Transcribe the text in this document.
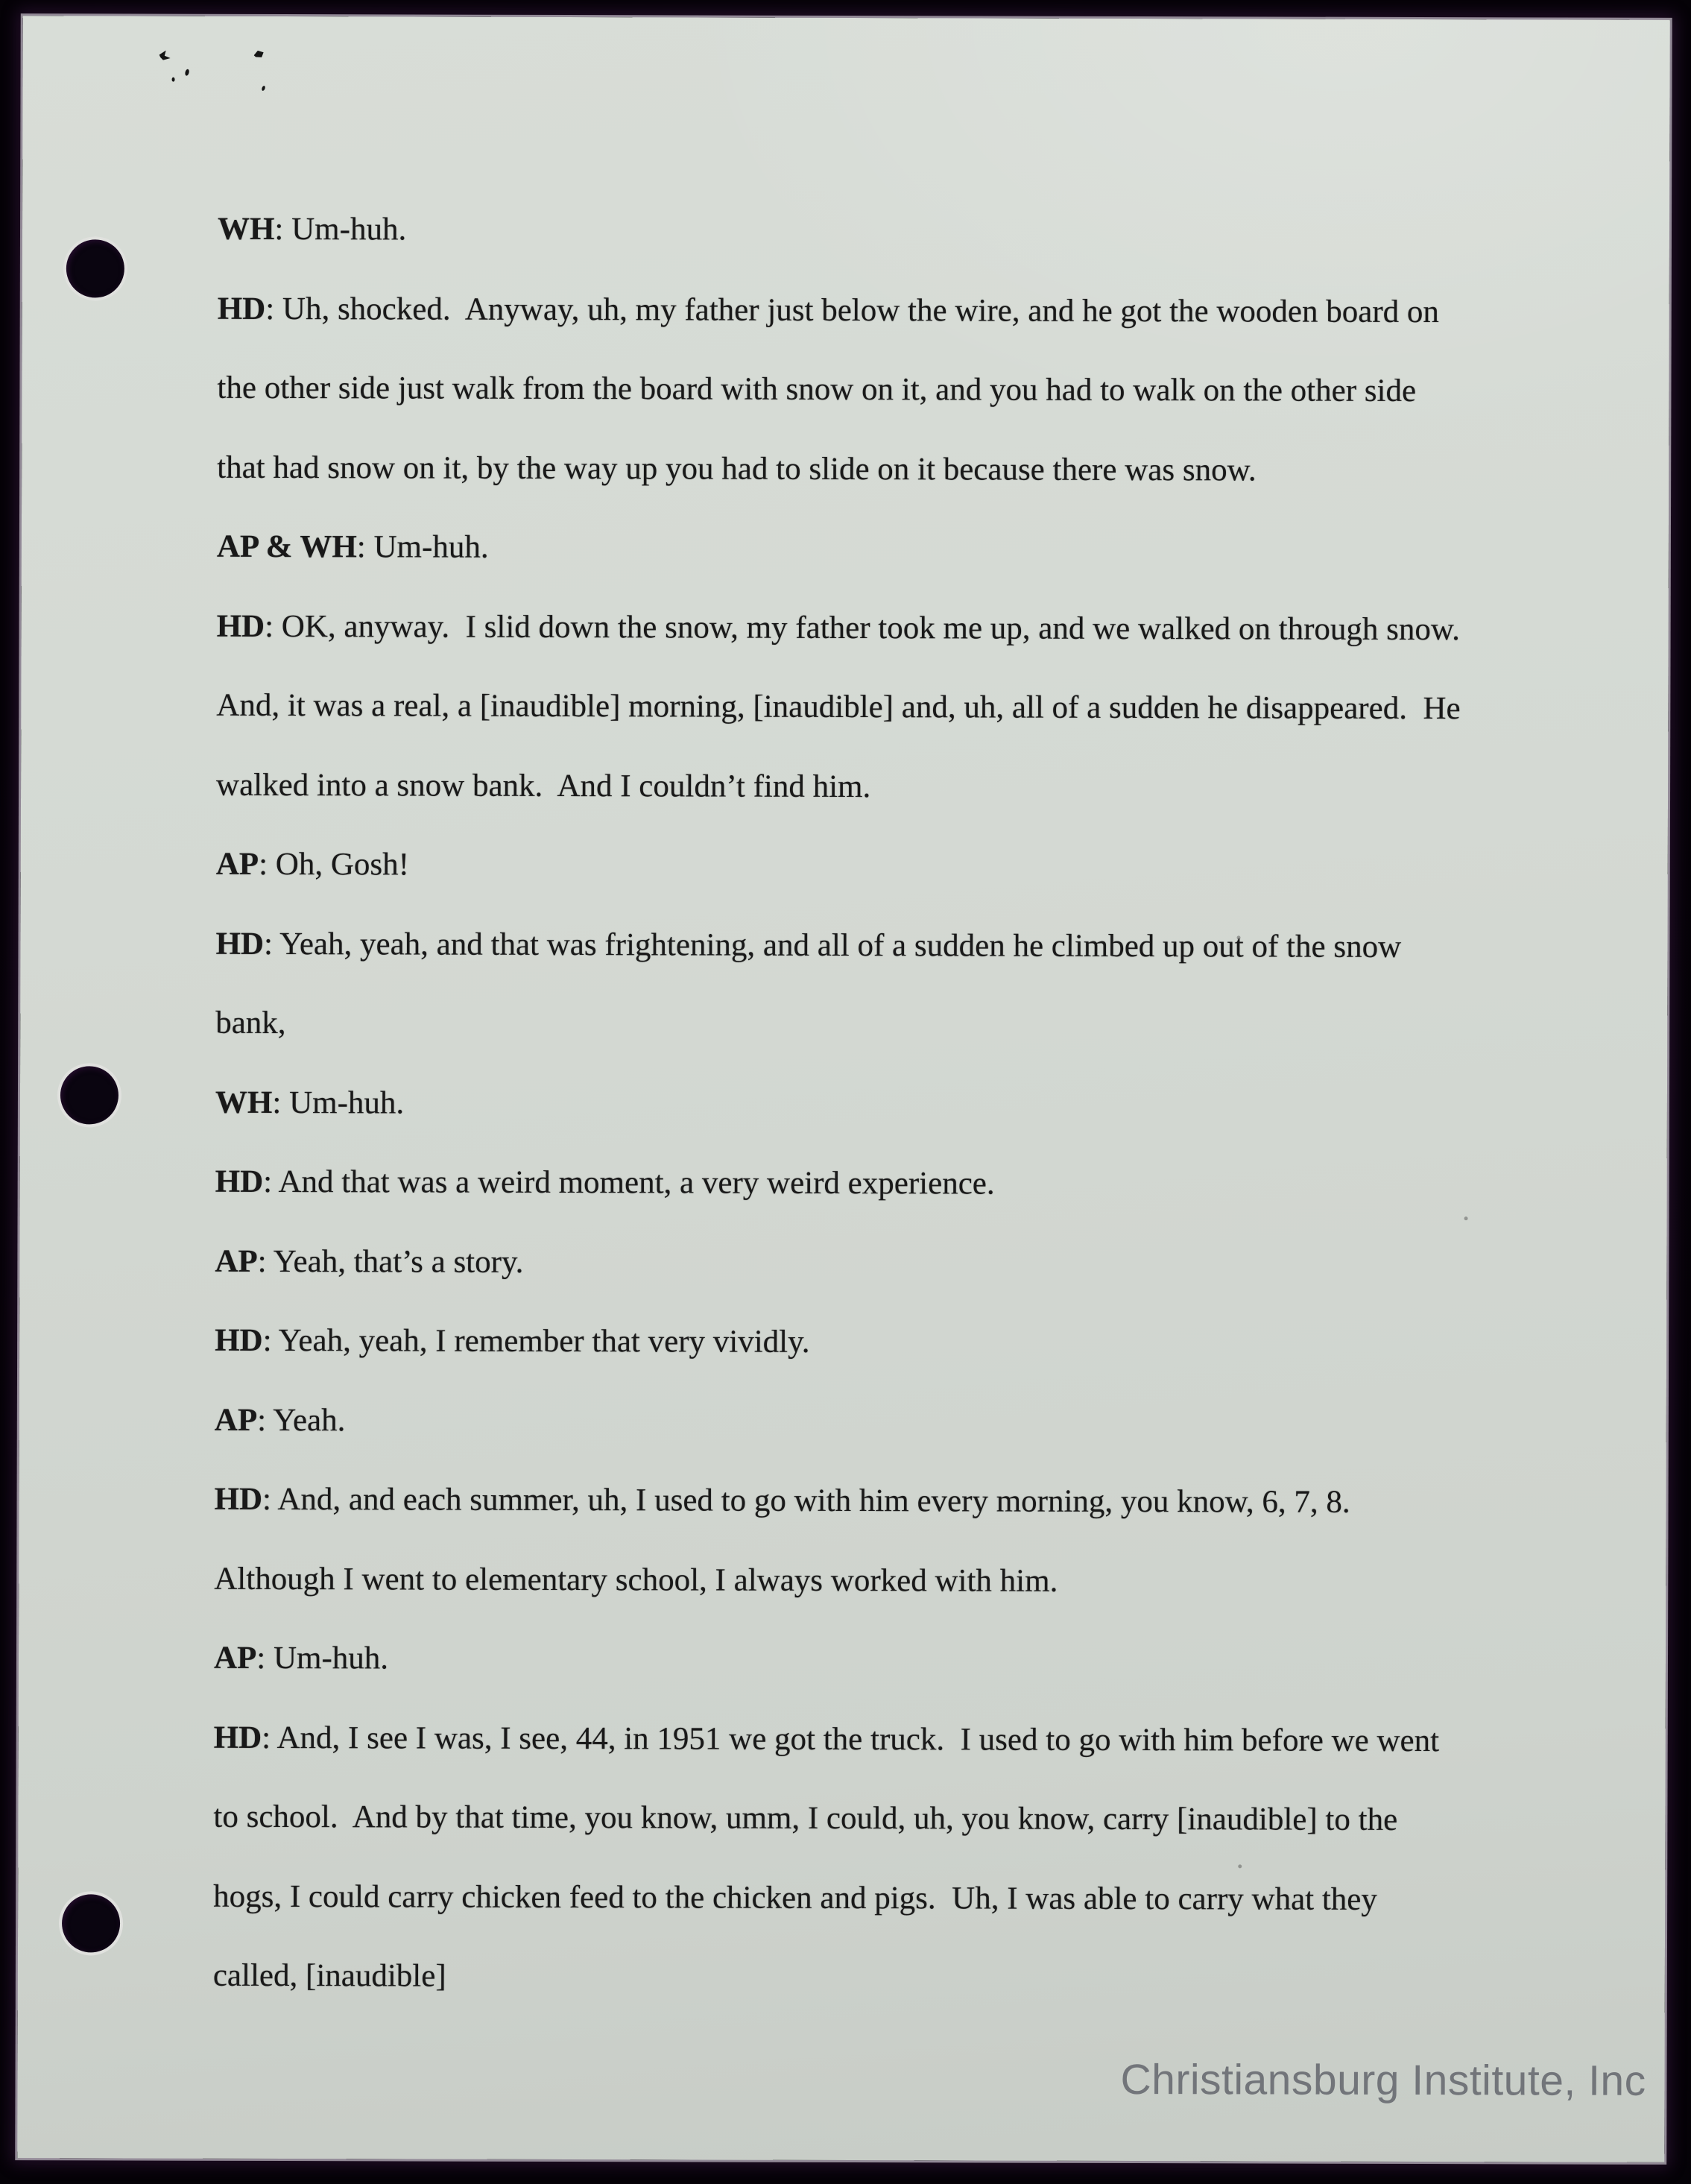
WH: Um-huh.
HD: Uh, shocked.  Anyway, uh, my father just below the wire, and he got the wooden board on
the other side just walk from the board with snow on it, and you had to walk on the other side
that had snow on it, by the way up you had to slide on it because there was snow.
AP & WH: Um-huh.
HD: OK, anyway.  I slid down the snow, my father took me up, and we walked on through snow.
And, it was a real, a [inaudible] morning, [inaudible] and, uh, all of a sudden he disappeared.  He
walked into a snow bank.  And I couldn’t find him.
AP: Oh, Gosh!
HD: Yeah, yeah, and that was frightening, and all of a sudden he climbed up out of the snow
bank,
WH: Um-huh.
HD: And that was a weird moment, a very weird experience.
AP: Yeah, that’s a story.
HD: Yeah, yeah, I remember that very vividly.
AP: Yeah.
HD: And, and each summer, uh, I used to go with him every morning, you know, 6, 7, 8.
Although I went to elementary school, I always worked with him.
AP: Um-huh.
HD: And, I see I was, I see, 44, in 1951 we got the truck.  I used to go with him before we went
to school.  And by that time, you know, umm, I could, uh, you know, carry [inaudible] to the
hogs, I could carry chicken feed to the chicken and pigs.  Uh, I was able to carry what they
called, [inaudible]
Christiansburg Institute, Inc
